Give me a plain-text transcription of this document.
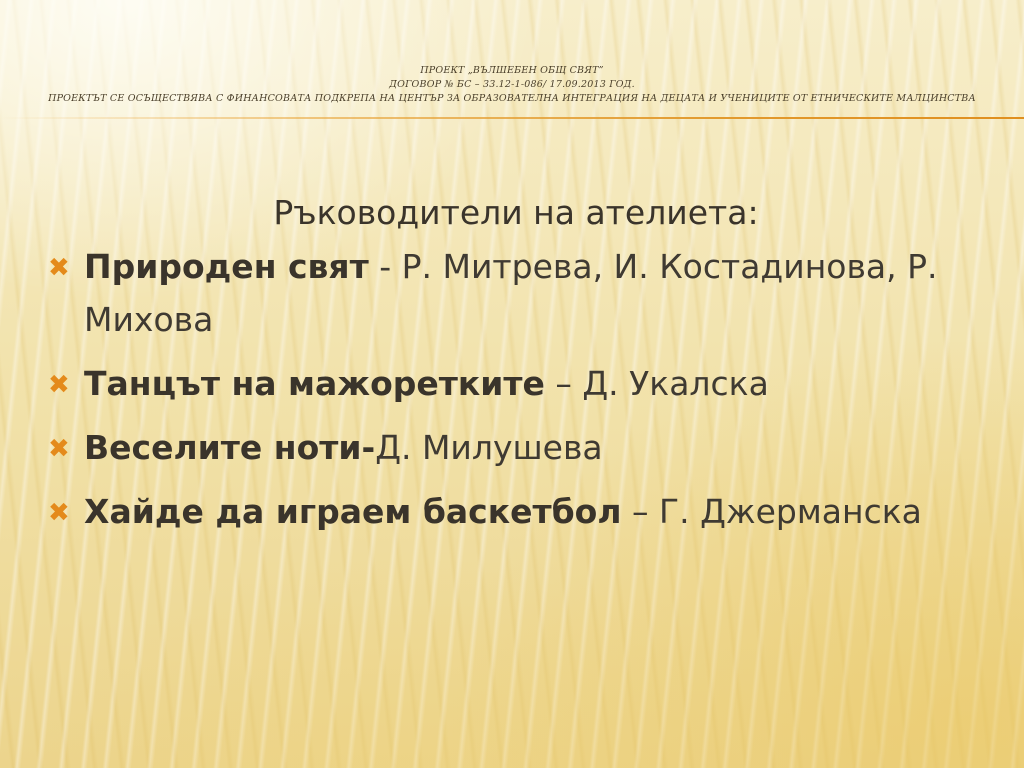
ПРОЕКТ „ВЪЛШЕБЕН ОБЩ СВЯТ”
ДОГОВОР № БС – 33.12-1-086/ 17.09.2013 ГОД.
ПРОЕКТЪТ СЕ ОСЪЩЕСТВЯВА С ФИНАНСОВАТА ПОДКРЕПА НА ЦЕНТЪР ЗА ОБРАЗОВАТЕЛНА ИНТЕГРАЦИЯ НА ДЕЦАТА И УЧЕНИЦИТЕ ОТ ЕТНИЧЕСКИТЕ МАЛЦИНСТВА
Ръководители на ателиета:
✖ Природен свят - Р. Митрева, И. Костадинова, Р. Михова
✖ Танцът на мажоретките – Д. Укалска
✖ Веселите ноти-Д. Милушева
✖ Хайде да играем баскетбол – Г. Джерманска
